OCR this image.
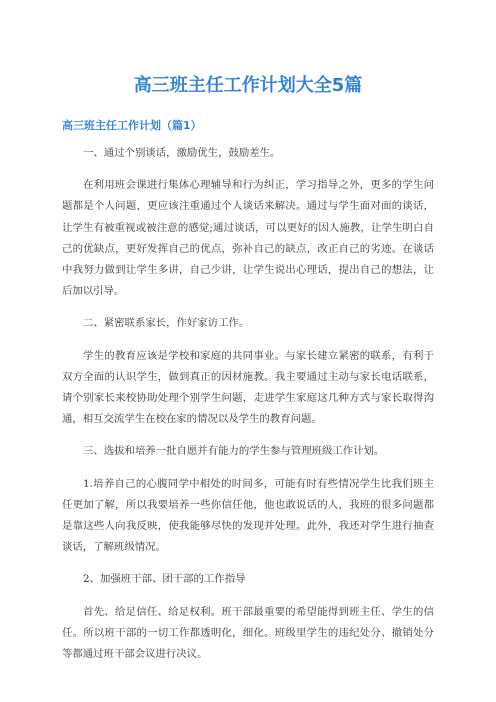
高三班主任工作计划大全5篇

高三班主任工作计划（篇1）

一、通过个别谈话，激励优生，鼓励差生。

在利用班会课进行集体心理辅导和行为纠正，学习指导之外，更多的学生问题都是个人问题，更应该注重通过个人谈话来解决。通过与学生面对面的谈话，让学生有被重视或被注意的感觉;通过谈话，可以更好的因人施教，让学生明白自己的优缺点，更好发挥自己的优点，弥补自己的缺点，改正自己的劣迹。在谈话中我努力做到让学生多讲，自己少讲，让学生说出心理话，提出自己的想法，让后加以引导。

二、紧密联系家长，作好家访工作。

学生的教育应该是学校和家庭的共同事业。与家长建立紧密的联系，有利于双方全面的认识学生，做到真正的因材施教。我主要通过主动与家长电话联系，请个别家长来校协助处理个别学生问题，走进学生家庭这几种方式与家长取得沟通，相互交流学生在校在家的情况以及学生的教育问题。

三、选拔和培养一批自愿并有能力的学生参与管理班级工作计划。

1.培养自己的心腹同学中相处的时间多，可能有时有些情况学生比我们班主任更加了解，所以我要培养一些你信任他，他也敢说话的人，我班的很多问题都是靠这些人向我反映，使我能够尽快的发现并处理。此外，我还对学生进行抽查谈话，了解班级情况。

2、加强班干部、团干部的工作指导

首先、给足信任、给足权利。班干部最重要的希望能得到班主任、学生的信任。所以班干部的一切工作都透明化，细化。班级里学生的违纪处分、撤销处分等都通过班干部会议进行决议。
